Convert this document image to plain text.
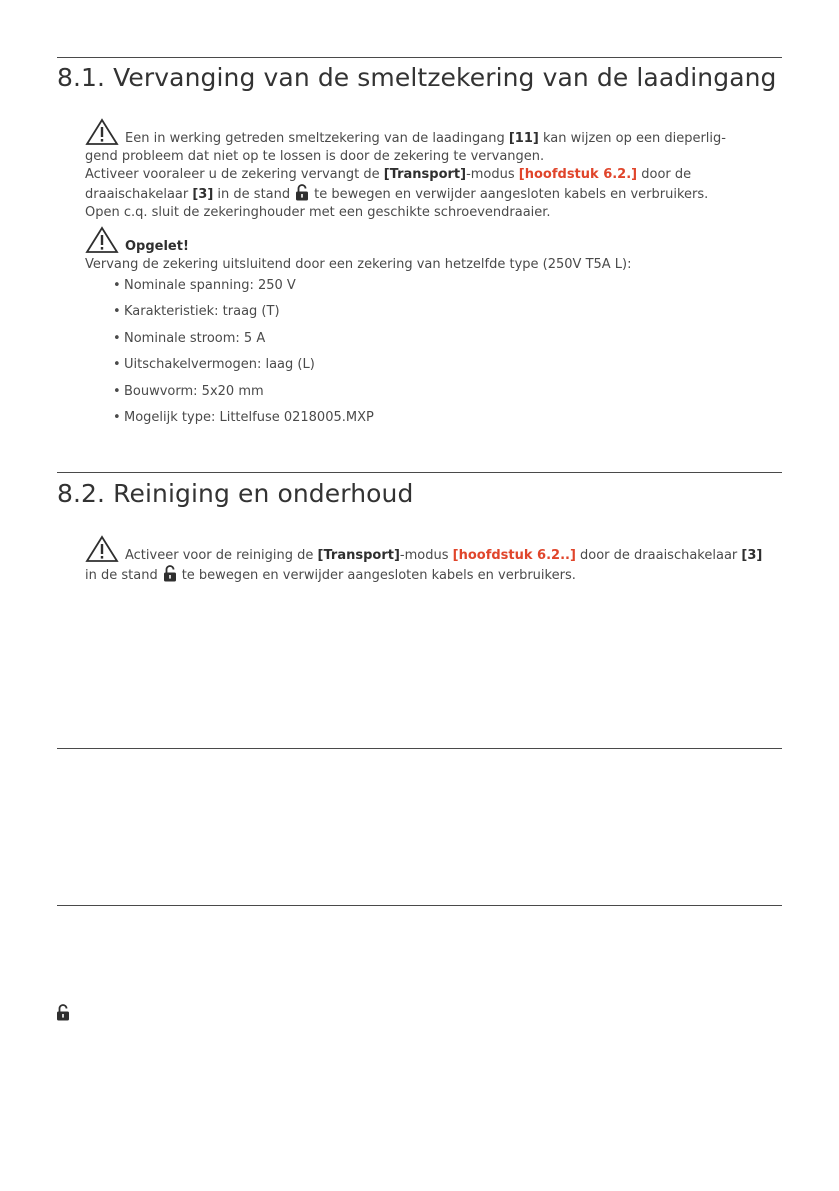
8.1. Vervanging van de smeltzekering van de laadingang
Een in werking getreden smeltzekering van de laadingang [11] kan wijzen op een dieperlig-
gend probleem dat niet op te lossen is door de zekering te vervangen.
Activeer vooraleer u de zekering vervangt de [Transport]-modus [hoofdstuk 6.2.] door de
draaischakelaar [3] in de stand te bewegen en verwijder aangesloten kabels en verbruikers.
Open c.q. sluit de zekeringhouder met een geschikte schroevendraaier.
Opgelet!
Vervang de zekering uitsluitend door een zekering van hetzelfde type (250V T5A L):
• Nominale spanning: 250 V
• Karakteristiek: traag (T)
• Nominale stroom: 5 A
• Uitschakelvermogen: laag (L)
• Bouwvorm: 5x20 mm
• Mogelijk type: Littelfuse 0218005.MXP
8.2. Reiniging en onderhoud
Activeer voor de reiniging de [Transport]-modus [hoofdstuk 6.2..] door de draaischakelaar [3]
in de stand te bewegen en verwijder aangesloten kabels en verbruikers.
